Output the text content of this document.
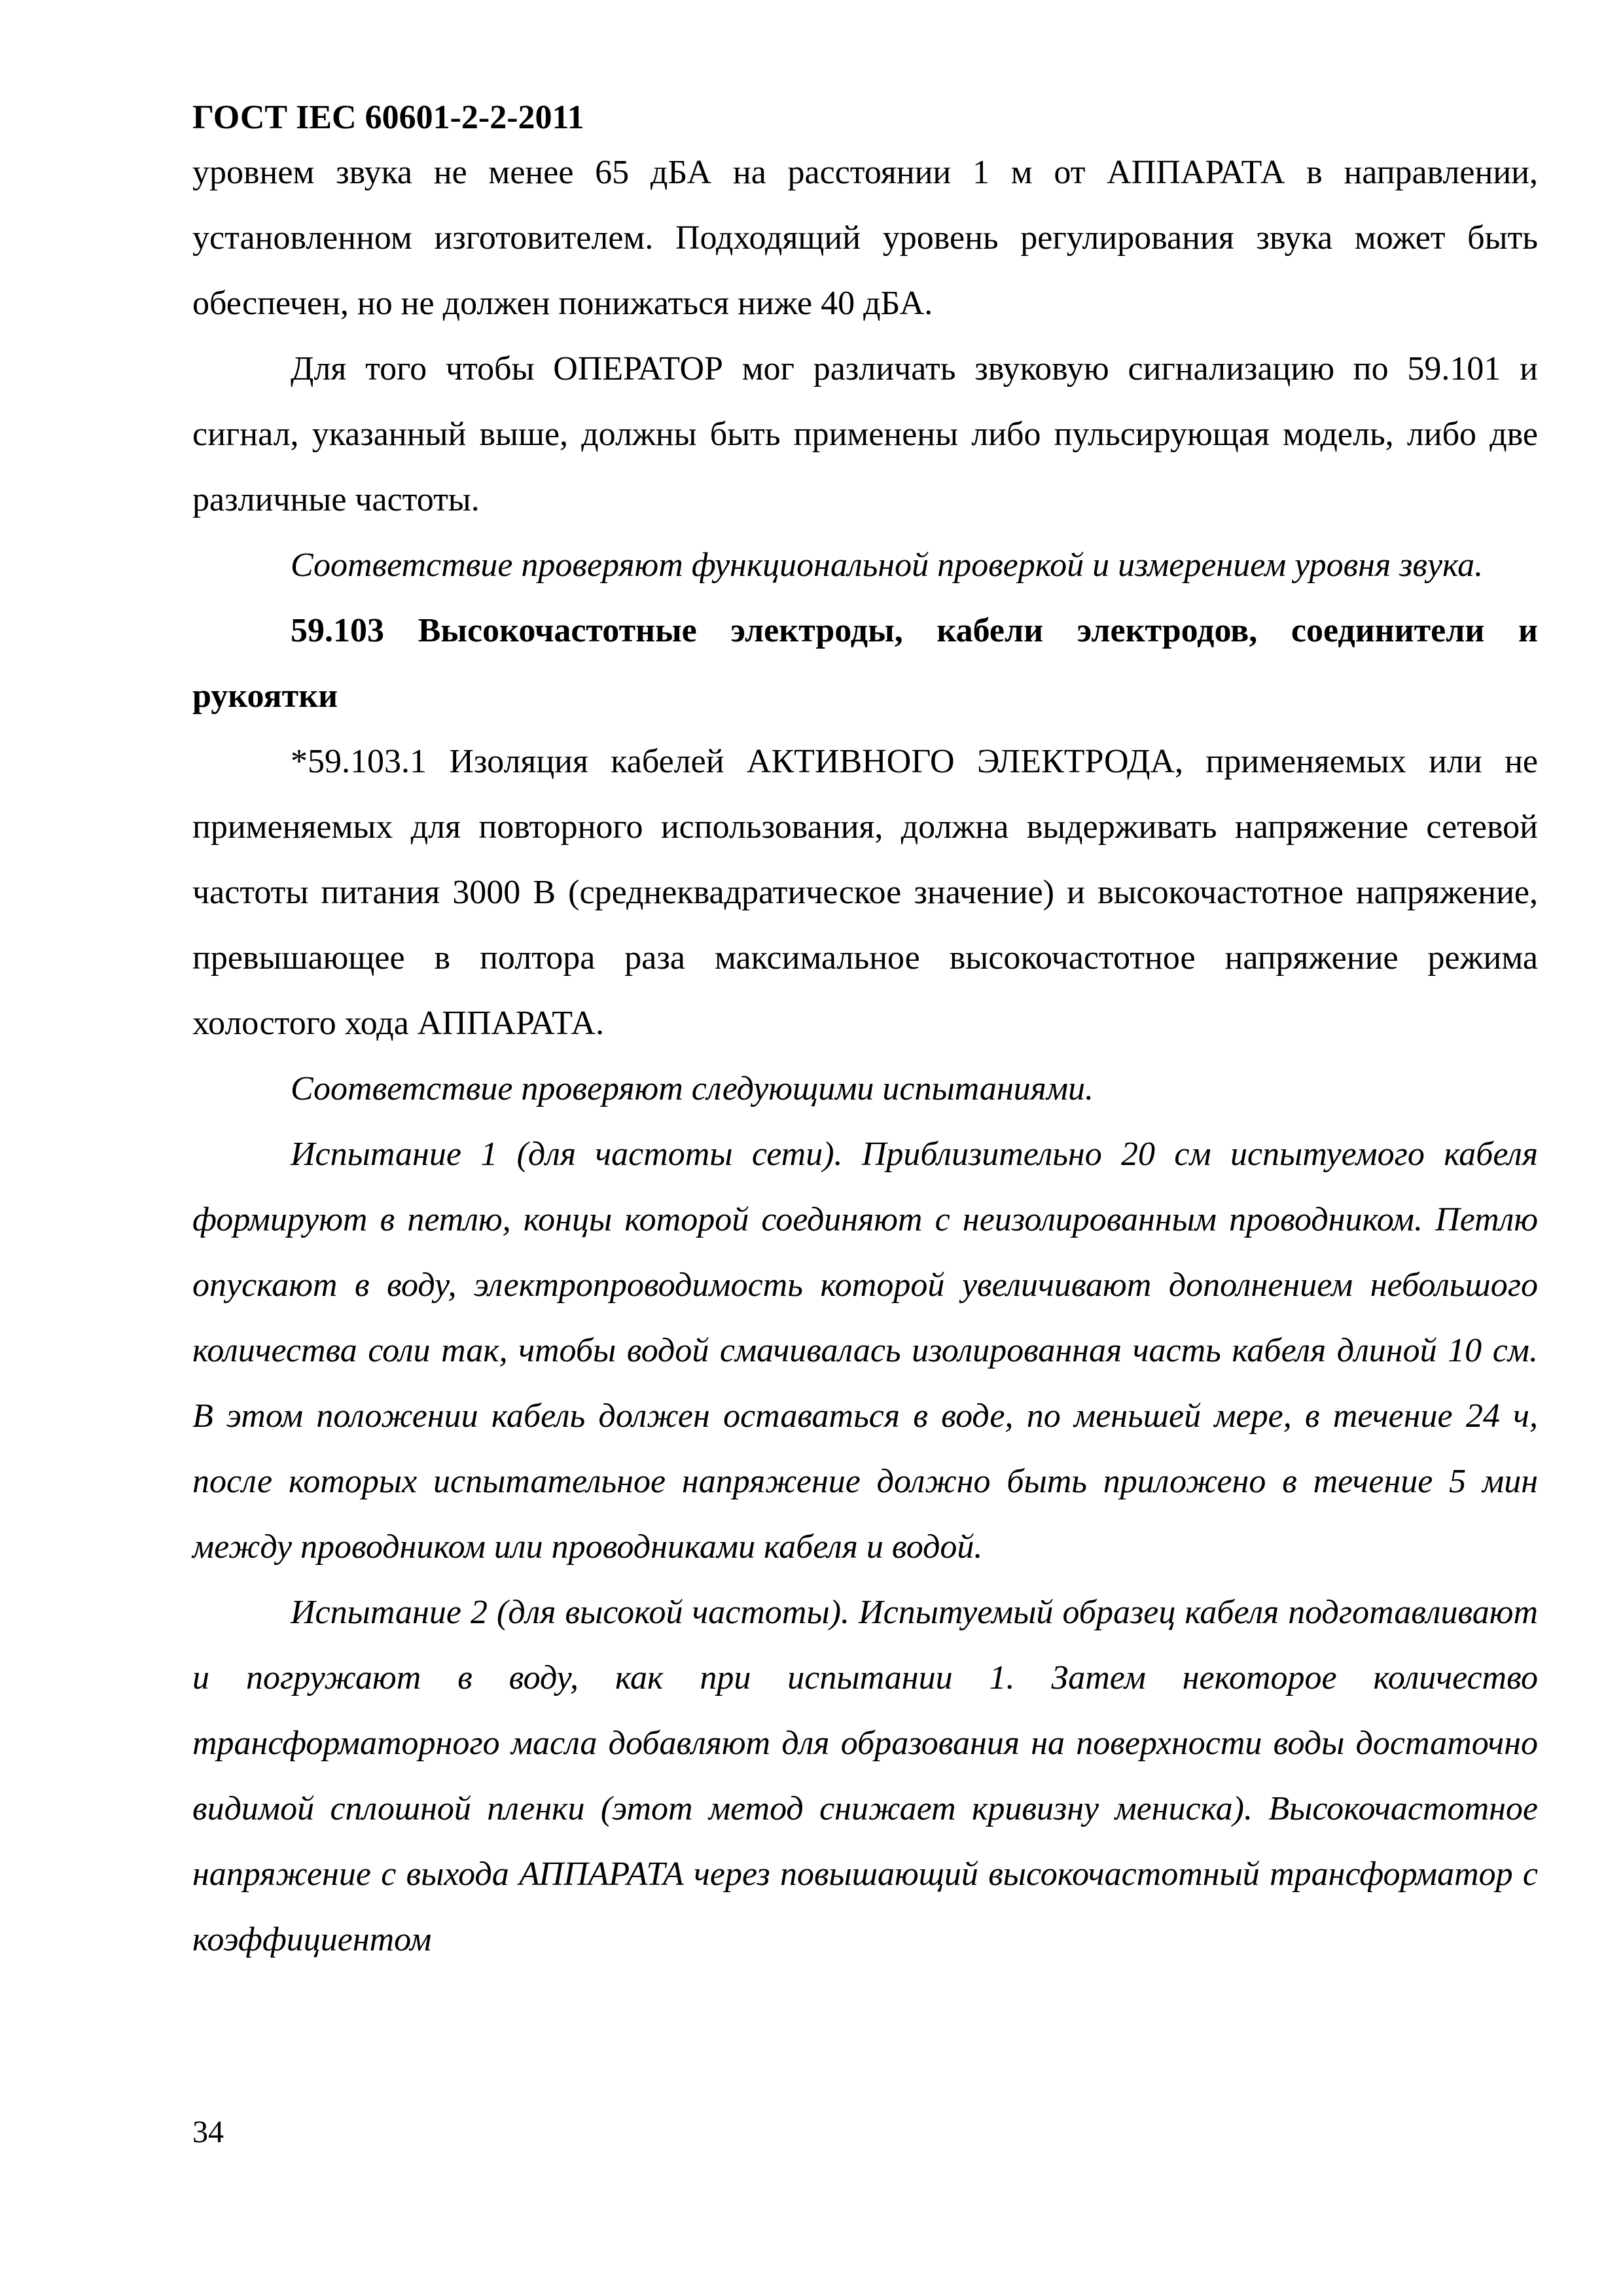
ГОСТ IEC 60601-2-2-2011

уровнем звука не менее 65 дБА на расстоянии 1 м от АППАРАТА в направлении, установленном изготовителем. Подходящий уровень регулирования звука может быть обеспечен, но не должен понижаться ниже 40 дБА.

Для того чтобы ОПЕРАТОР мог различать звуковую сигнализацию по 59.101 и сигнал, указанный выше, должны быть применены либо пульсирующая модель, либо две различные частоты.

Соответствие проверяют функциональной проверкой и измерением уровня звука.

59.103 Высокочастотные электроды, кабели электродов, соединители и рукоятки

*59.103.1 Изоляция кабелей АКТИВНОГО ЭЛЕКТРОДА, применяемых или не применяемых для повторного использования, должна выдерживать напряжение сетевой частоты питания 3000 В (среднеквадратическое значение) и высокочастотное напряжение, превышающее в полтора раза максимальное высокочастотное напряжение режима холостого хода АППАРАТА.

Соответствие проверяют следующими испытаниями.

Испытание 1 (для частоты сети). Приблизительно 20 см испытуемого кабеля формируют в петлю, концы которой соединяют с неизолированным проводником. Петлю опускают в воду, электропроводимость которой увеличивают дополнением небольшого количества соли так, чтобы водой смачивалась изолированная часть кабеля длиной 10 см. В этом положении кабель должен оставаться в воде, по меньшей мере, в течение 24 ч, после которых испытательное напряжение должно быть приложено в течение 5 мин между проводником или проводниками кабеля и водой.

Испытание 2 (для высокой частоты). Испытуемый образец кабеля подготавливают и погружают в воду, как при испытании 1. Затем некоторое количество трансформаторного масла добавляют для образования на поверхности воды достаточно видимой сплошной пленки (этот метод снижает кривизну мениска). Высокочастотное напряжение с выхода АППАРАТА через повышающий высокочастотный трансформатор с коэффициентом

34
